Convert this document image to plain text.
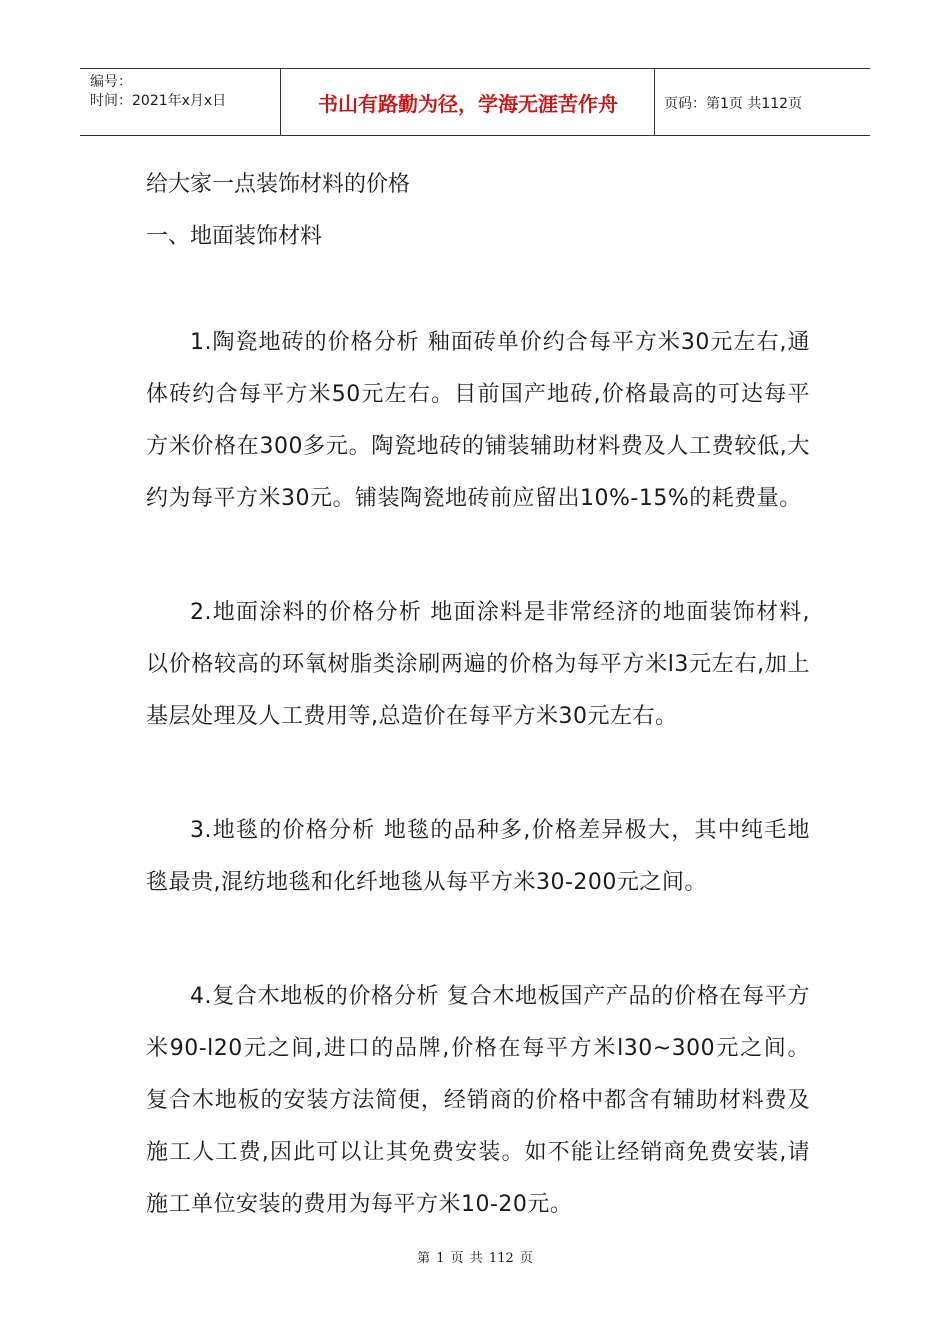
编号：
时间：2021年x月x日	书山有路勤为径，学海无涯苦作舟	页码：第1页 共112页

给大家一点装饰材料的价格

一、地面装饰材料

1.陶瓷地砖的价格分析 釉面砖单价约合每平方米30元左右,通体砖约合每平方米50元左右。目前国产地砖,价格最高的可达每平方米价格在300多元。陶瓷地砖的铺装辅助材料费及人工费较低,大约为每平方米30元。铺装陶瓷地砖前应留出10%-15%的耗费量。

2.地面涂料的价格分析 地面涂料是非常经济的地面装饰材料,以价格较高的环氧树脂类涂刷两遍的价格为每平方米l3元左右,加上基层处理及人工费用等,总造价在每平方米30元左右。

3.地毯的价格分析 地毯的品种多,价格差异极大，其中纯毛地毯最贵,混纺地毯和化纤地毯从每平方米30-200元之间。

4.复合木地板的价格分析 复合木地板国产产品的价格在每平方米90-l20元之间,进口的品牌,价格在每平方米l30~300元之间。 复合木地板的安装方法简便，经销商的价格中都含有辅助材料费及施工人工费,因此可以让其免费安装。如不能让经销商免费安装,请施工单位安装的费用为每平方米10-20元。

第 1 页 共 112 页
